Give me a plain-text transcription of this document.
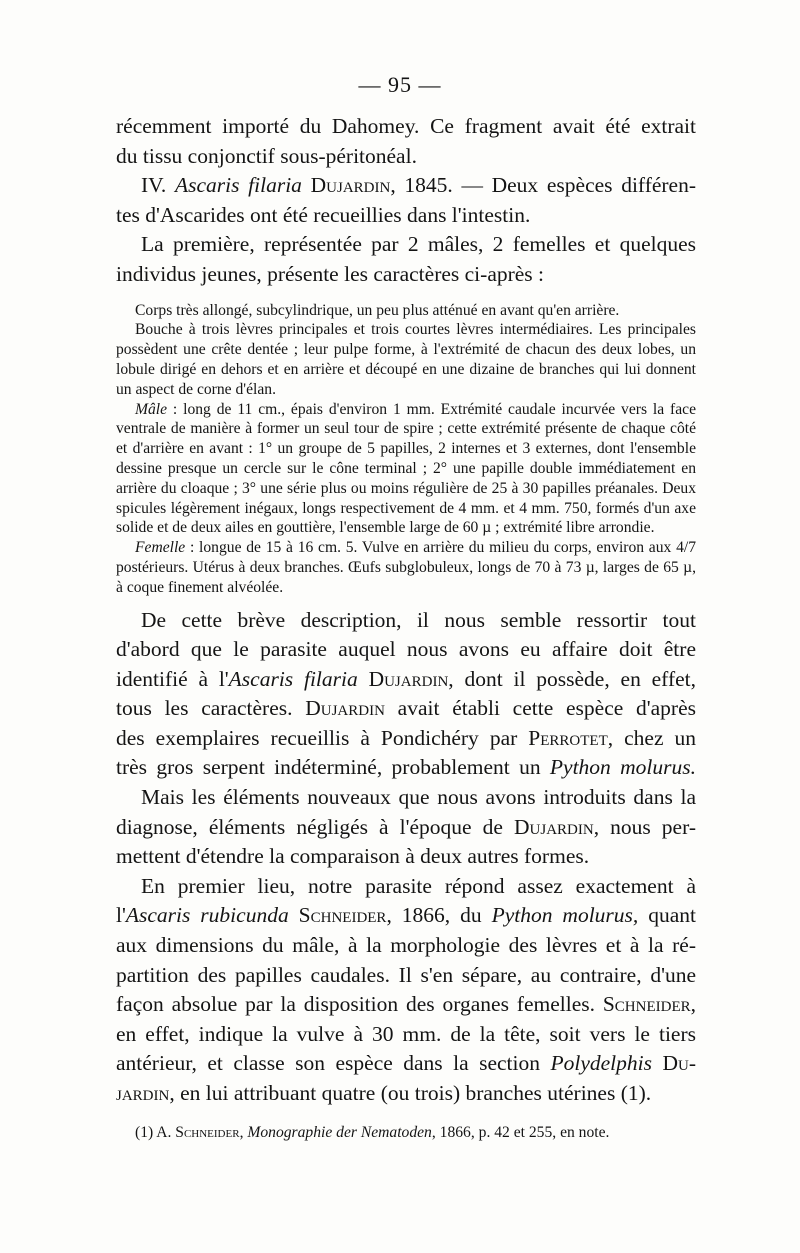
— 95 —

récemment importé du Dahomey. Ce fragment avait été extrait

du tissu conjonctif sous-péritonéal.

IV. Ascaris filaria Dujardin, 1845. — Deux espèces différen-

tes d'Ascarides ont été recueillies dans l'intestin.

La première, représentée par 2 mâles, 2 femelles et quelques

individus jeunes, présente les caractères ci-après :

Corps très allongé, subcylindrique, un peu plus atténué en avant qu'en arrière.

Bouche à trois lèvres principales et trois courtes lèvres intermédiaires. Les principales possèdent une crête dentée ; leur pulpe forme, à l'extrémité de chacun des deux lobes, un lobule dirigé en dehors et en arrière et découpé en une dizaine de branches qui lui donnent un aspect de corne d'élan.

Mâle : long de 11 cm., épais d'environ 1 mm. Extrémité caudale incurvée vers la face ventrale de manière à former un seul tour de spire ; cette extrémité présente de chaque côté et d'arrière en avant : 1° un groupe de 5 papilles, 2 internes et 3 externes, dont l'ensemble dessine presque un cercle sur le cône terminal ; 2° une papille double immédiatement en arrière du cloaque ; 3° une série plus ou moins régulière de 25 à 30 papilles préanales. Deux spicules légèrement inégaux, longs respectivement de 4 mm. et 4 mm. 750, formés d'un axe solide et de deux ailes en gouttière, l'ensemble large de 60 µ ; extrémité libre arrondie.

Femelle : longue de 15 à 16 cm. 5. Vulve en arrière du milieu du corps, environ aux 4/7 postérieurs. Utérus à deux branches. Œufs subglobuleux, longs de 70 à 73 µ, larges de 65 µ, à coque finement alvéolée.

De cette brève description, il nous semble ressortir tout

d'abord que le parasite auquel nous avons eu affaire doit être

identifié à l'Ascaris filaria Dujardin, dont il possède, en effet,

tous les caractères. Dujardin avait établi cette espèce d'après

des exemplaires recueillis à Pondichéry par Perrotet, chez un

très gros serpent indéterminé, probablement un Python molurus.

Mais les éléments nouveaux que nous avons introduits dans la

diagnose, éléments négligés à l'époque de Dujardin, nous per-

mettent d'étendre la comparaison à deux autres formes.

En premier lieu, notre parasite répond assez exactement à

l'Ascaris rubicunda Schneider, 1866, du Python molurus, quant

aux dimensions du mâle, à la morphologie des lèvres et à la ré-

partition des papilles caudales. Il s'en sépare, au contraire, d'une

façon absolue par la disposition des organes femelles. Schneider,

en effet, indique la vulve à 30 mm. de la tête, soit vers le tiers

antérieur, et classe son espèce dans la section Polydelphis Du-

jardin, en lui attribuant quatre (ou trois) branches utérines (1).

(1) A. Schneider, Monographie der Nematoden, 1866, p. 42 et 255, en note.
